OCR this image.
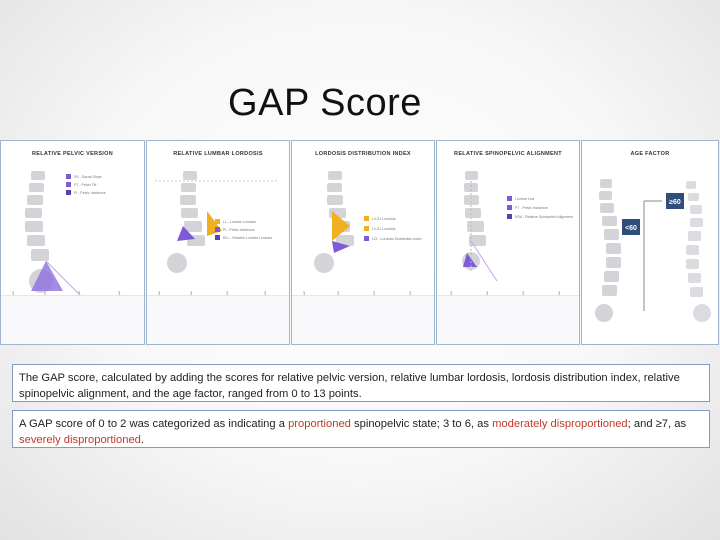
GAP Score
RELATIVE PELVIC VERSION
SS - Sacral Slope
PT - Pelvic Tilt
PI - Pelvic Incidence
RELATIVE LUMBAR LORDOSIS
LL - Lumbar Lordosis
PI - Pelvic Incidence
RLL - Relative Lumbar Lordosis
LORDOSIS DISTRIBUTION INDEX
L4-S1 Lordosis
L1-S1 Lordosis
LDI - Lordosis Distribution Index
RELATIVE SPINOPELVIC ALIGNMENT
Lumbar Line
PT - Pelvic Incidence
RSA - Relative Spinopelvic Alignment
AGE FACTOR
≥60
<60
The GAP score, calculated by adding the scores for relative pelvic version, relative lumbar lordosis, lordosis distribution index, relative spinopelvic alignment, and the age factor, ranged from 0 to 13 points.
A GAP score of 0 to 2 was categorized as indicating a proportioned spinopelvic state; 3 to 6, as moderately disproportioned; and ≥7, as severely disproportioned.
